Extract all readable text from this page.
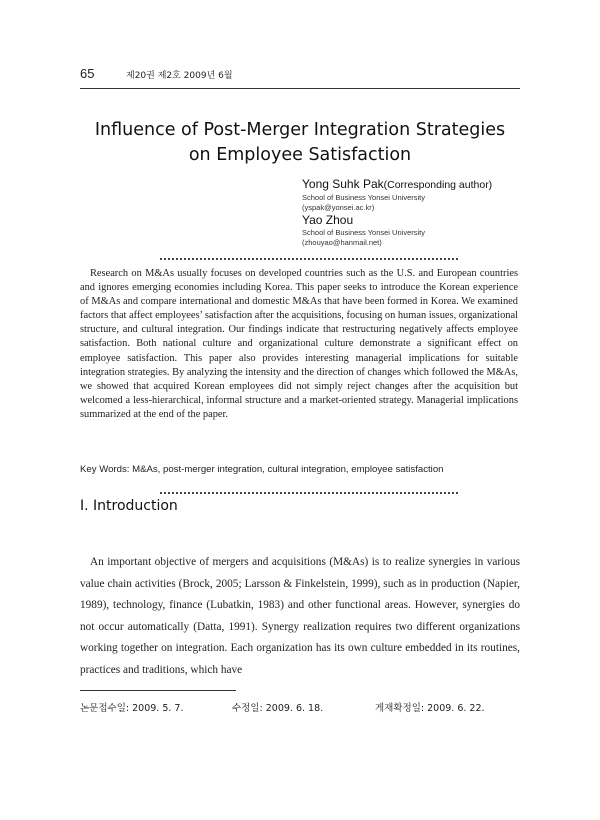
65	제20권 제2호 2009년 6월
Influence of Post-Merger Integration Strategies
on Employee Satisfaction
Yong Suhk Pak(Corresponding author)
School of Business Yonsei University
(yspak@yonsei.ac.kr)
Yao Zhou
School of Business Yonsei University
(zhouyao@hanmail.net)

Research on M&As usually focuses on developed countries such as the U.S. and European countries and ignores emerging economies including Korea. This paper seeks to introduce the Korean experience of M&As and compare international and domestic M&As that have been formed in Korea. We examined factors that affect employees’ satisfaction after the acquisitions, focusing on human issues, organizational structure, and cultural integration. Our findings indicate that restructuring negatively affects employee satisfaction. Both national culture and organizational culture demonstrate a significant effect on employee satisfaction. This paper also provides interesting managerial implications for suitable integration strategies. By analyzing the intensity and the direction of changes which followed the M&As, we showed that acquired Korean employees did not simply reject changes after the acquisition but welcomed a less-hierarchical, informal structure and a market-oriented strategy. Managerial implications summarized at the end of the paper.

Key Words: M&As, post-merger integration, cultural integration, employee satisfaction
Ⅰ. Introduction

An important objective of mergers and acquisitions (M&As) is to realize synergies in various value chain activities (Brock, 2005; Larsson & Finkelstein, 1999), such as in production (Napier, 1989), technology, finance (Lubatkin, 1983) and other functional areas. However, synergies do not occur automatically (Datta, 1991). Synergy realization requires two different organizations working together on integration. Each organization has its own culture embedded in its routines, practices and traditions, which have

논문접수일: 2009. 5. 7.	수정일: 2009. 6. 18.	게재확정일: 2009. 6. 22.
